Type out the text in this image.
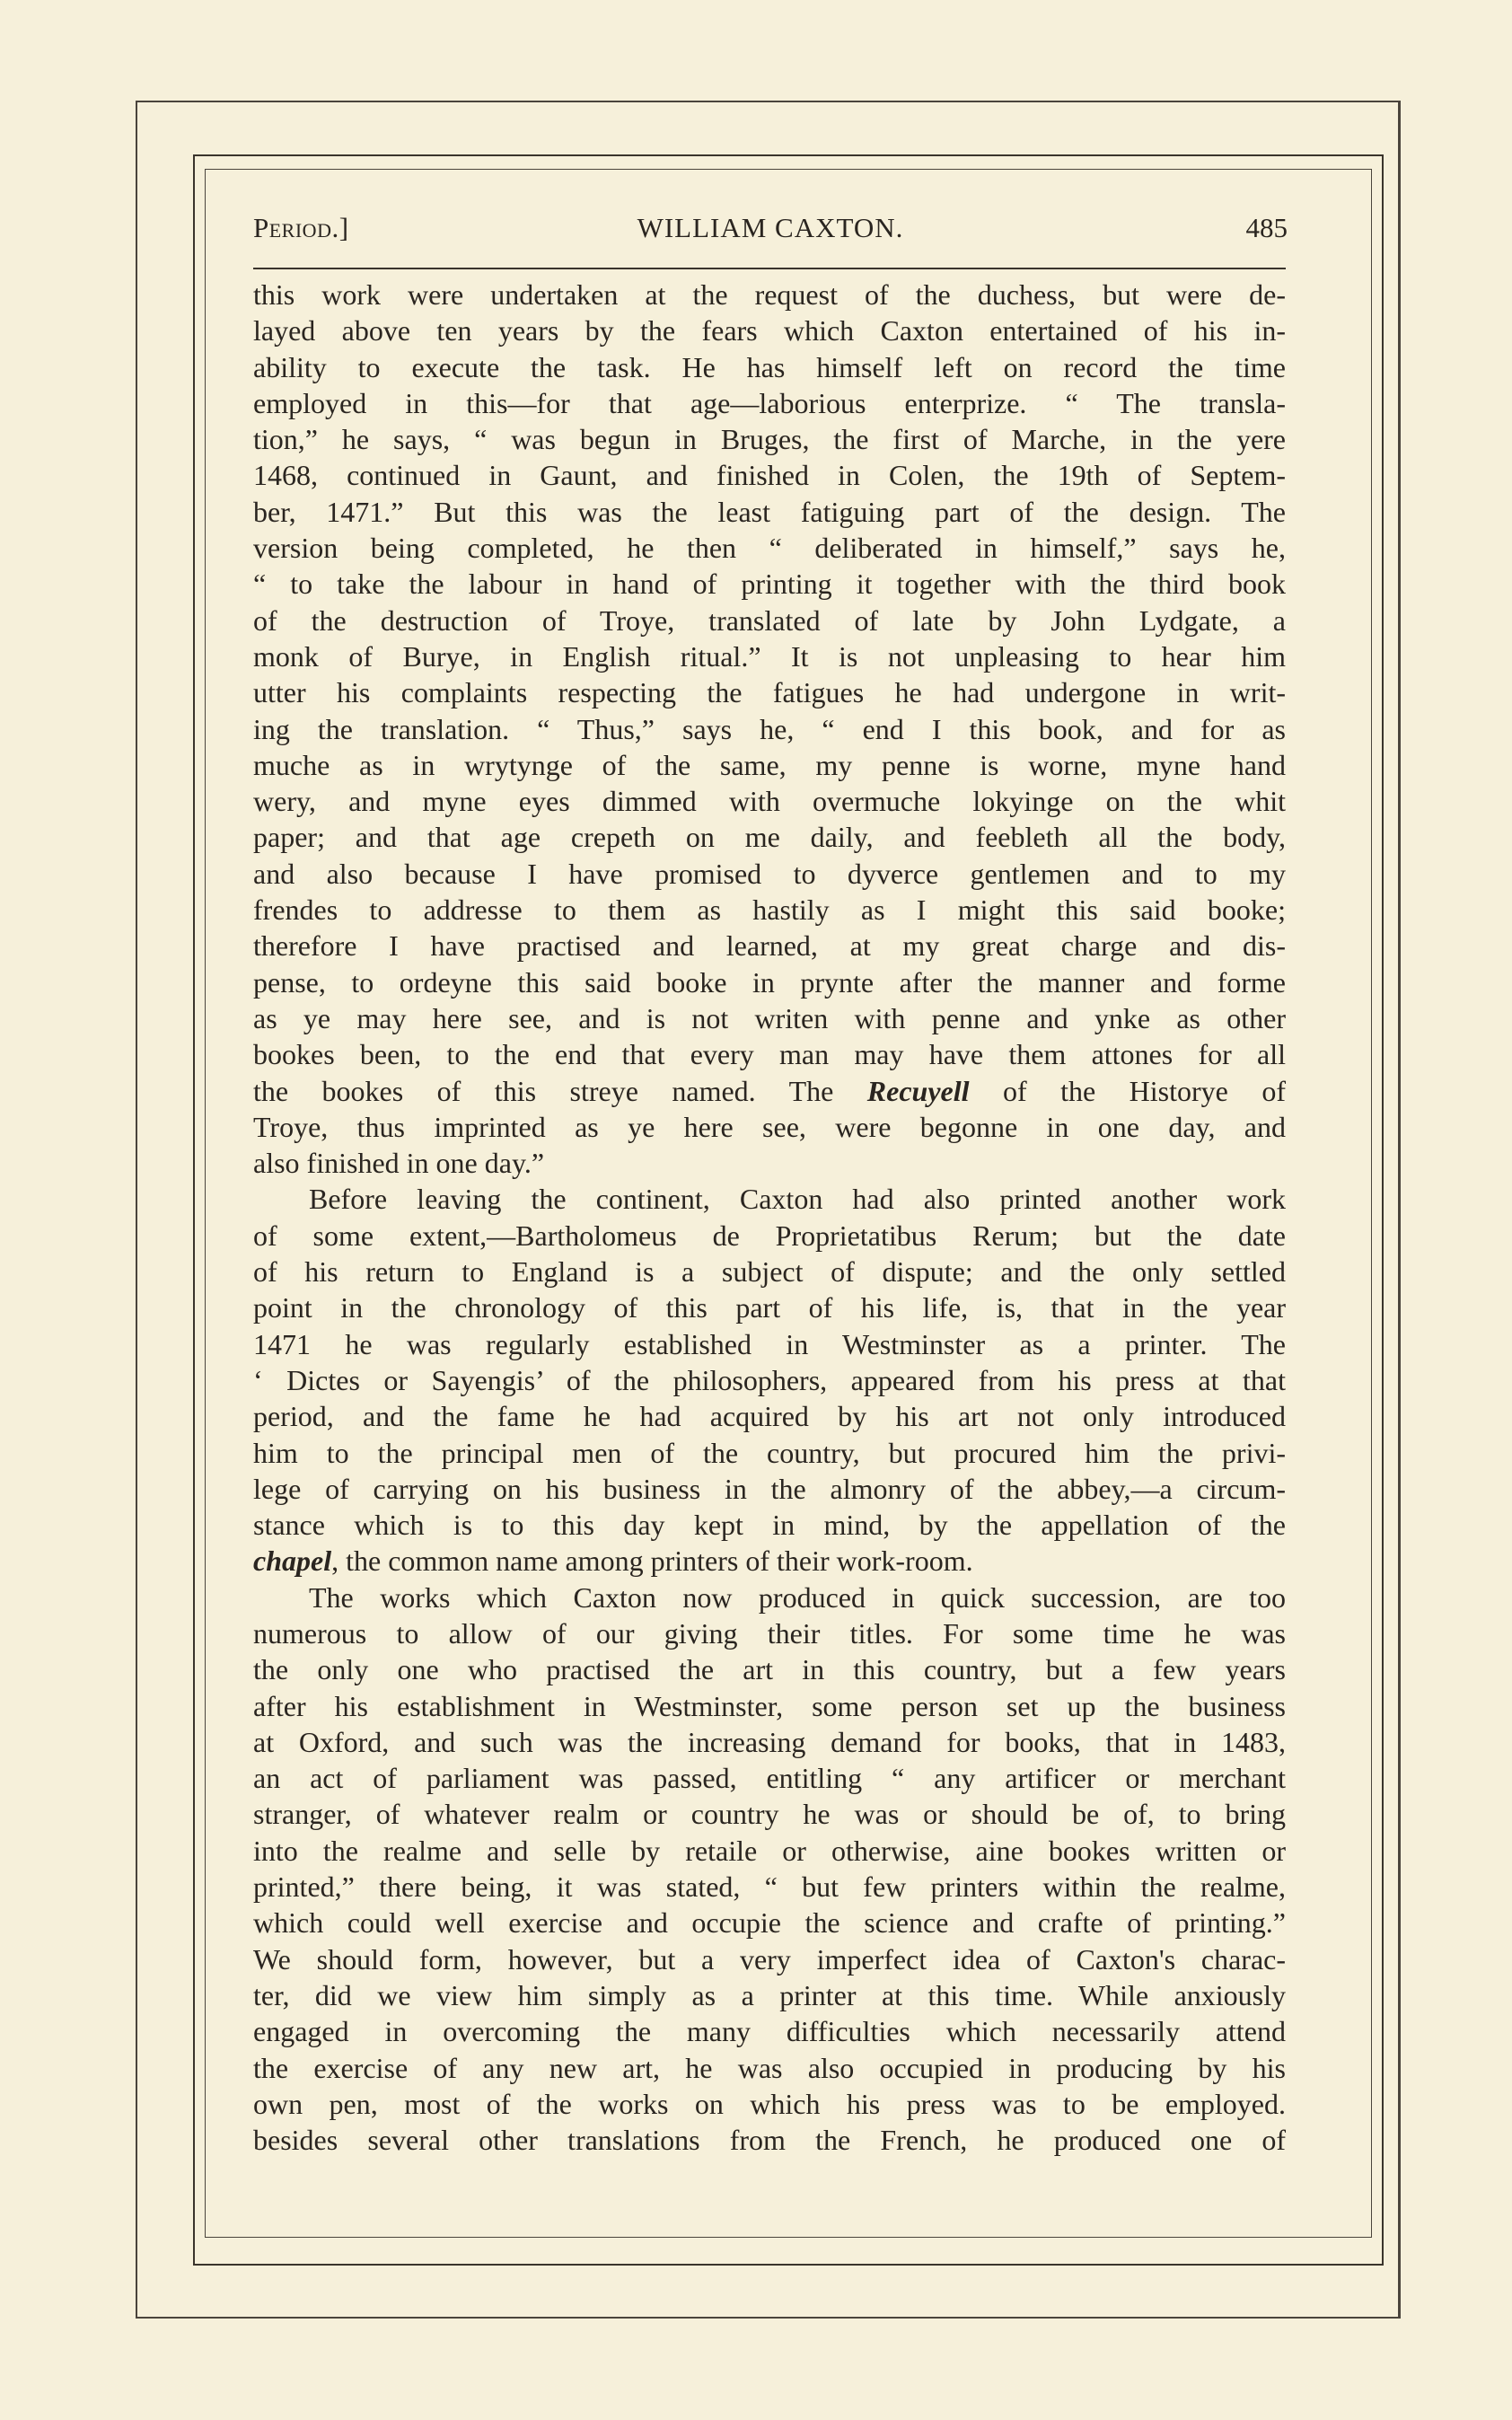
Period.]	WILLIAM CAXTON.	485
this work were undertaken at the request of the duchess, but were de-
layed above ten years by the fears which Caxton entertained of his in-
ability to execute the task. He has himself left on record the time
employed in this—for that age—laborious enterprize. “ The transla-
tion,” he says, “ was begun in Bruges, the first of Marche, in the yere
1468, continued in Gaunt, and finished in Colen, the 19th of Septem-
ber, 1471.” But this was the least fatiguing part of the design. The
version being completed, he then “ deliberated in himself,” says he,
“ to take the labour in hand of printing it together with the third book
of the destruction of Troye, translated of late by John Lydgate, a
monk of Burye, in English ritual.” It is not unpleasing to hear him
utter his complaints respecting the fatigues he had undergone in writ-
ing the translation. “ Thus,” says he, “ end I this book, and for as
muche as in wrytynge of the same, my penne is worne, myne hand
wery, and myne eyes dimmed with overmuche lokyinge on the whit
paper; and that age crepeth on me daily, and feebleth all the body,
and also because I have promised to dyverce gentlemen and to my
frendes to addresse to them as hastily as I might this said booke;
therefore I have practised and learned, at my great charge and dis-
pense, to ordeyne this said booke in prynte after the manner and forme
as ye may here see, and is not writen with penne and ynke as other
bookes been, to the end that every man may have them attones for all
the bookes of this streye named. The Recuyell of the Historye of
Troye, thus imprinted as ye here see, were begonne in one day, and
also finished in one day.”
Before leaving the continent, Caxton had also printed another work
of some extent,—Bartholomeus de Proprietatibus Rerum; but the date
of his return to England is a subject of dispute; and the only settled
point in the chronology of this part of his life, is, that in the year
1471 he was regularly established in Westminster as a printer. The
‘ Dictes or Sayengis’ of the philosophers, appeared from his press at that
period, and the fame he had acquired by his art not only introduced
him to the principal men of the country, but procured him the privi-
lege of carrying on his business in the almonry of the abbey,—a circum-
stance which is to this day kept in mind, by the appellation of the
chapel, the common name among printers of their work-room.
The works which Caxton now produced in quick succession, are too
numerous to allow of our giving their titles. For some time he was
the only one who practised the art in this country, but a few years
after his establishment in Westminster, some person set up the business
at Oxford, and such was the increasing demand for books, that in 1483,
an act of parliament was passed, entitling “ any artificer or merchant
stranger, of whatever realm or country he was or should be of, to bring
into the realme and selle by retaile or otherwise, aine bookes written or
printed,” there being, it was stated, “ but few printers within the realme,
which could well exercise and occupie the science and crafte of printing.”
We should form, however, but a very imperfect idea of Caxton's charac-
ter, did we view him simply as a printer at this time. While anxiously
engaged in overcoming the many difficulties which necessarily attend
the exercise of any new art, he was also occupied in producing by his
own pen, most of the works on which his press was to be employed.
besides several other translations from the French, he produced one of
